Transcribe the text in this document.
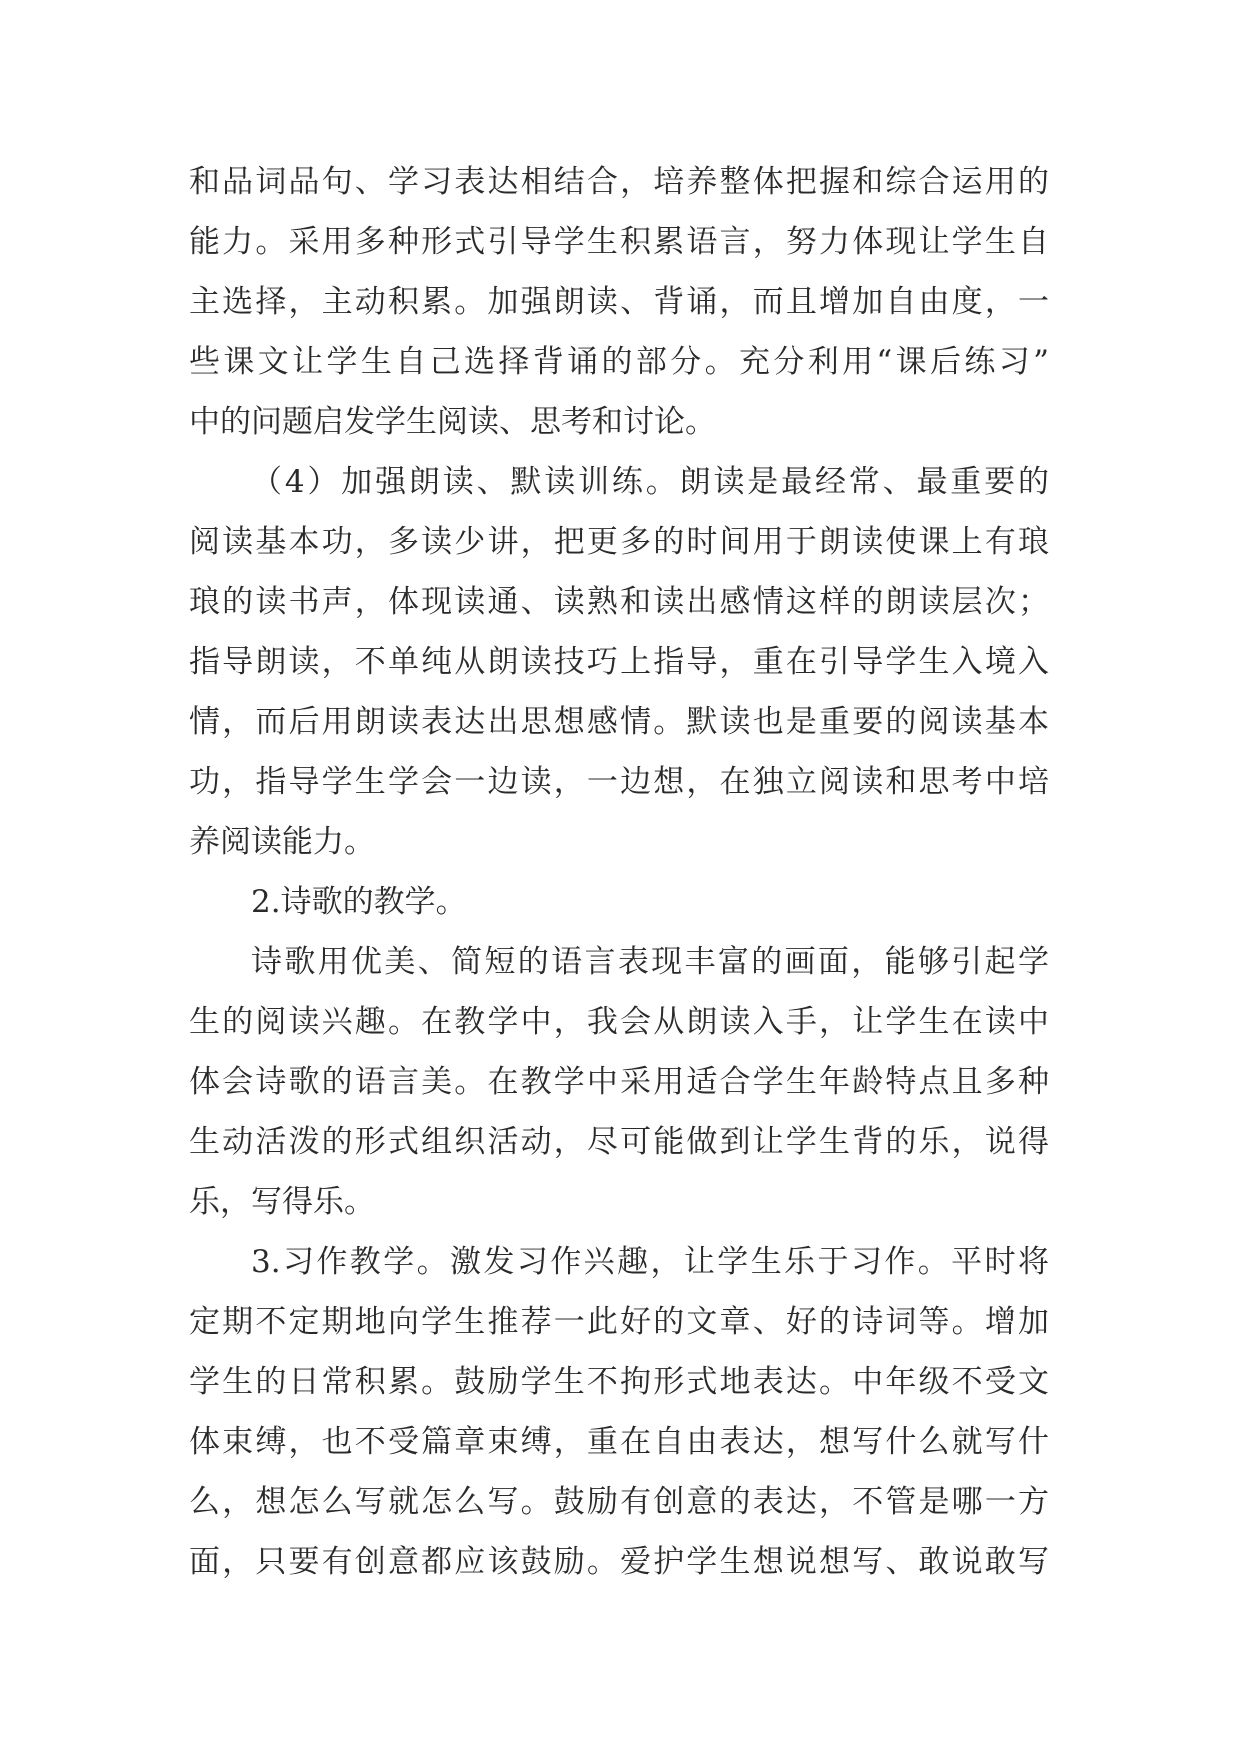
和品词品句、学习表达相结合，培养整体把握和综合运用的
能力。采用多种形式引导学生积累语言，努力体现让学生自
主选择，主动积累。加强朗读、背诵，而且增加自由度，一
些课文让学生自己选择背诵的部分。充分利用“课后练习”
中的问题启发学生阅读、思考和讨论。
（4）加强朗读、默读训练。朗读是最经常、最重要的
阅读基本功，多读少讲，把更多的时间用于朗读使课上有琅
琅的读书声，体现读通、读熟和读出感情这样的朗读层次；
指导朗读，不单纯从朗读技巧上指导，重在引导学生入境入
情，而后用朗读表达出思想感情。默读也是重要的阅读基本
功，指导学生学会一边读，一边想，在独立阅读和思考中培
养阅读能力。
2.诗歌的教学。
诗歌用优美、简短的语言表现丰富的画面，能够引起学
生的阅读兴趣。在教学中，我会从朗读入手，让学生在读中
体会诗歌的语言美。在教学中采用适合学生年龄特点且多种
生动活泼的形式组织活动，尽可能做到让学生背的乐，说得
乐，写得乐。
3.习作教学。激发习作兴趣，让学生乐于习作。平时将
定期不定期地向学生推荐一此好的文章、好的诗词等。增加
学生的日常积累。鼓励学生不拘形式地表达。中年级不受文
体束缚，也不受篇章束缚，重在自由表达，想写什么就写什
么，想怎么写就怎么写。鼓励有创意的表达，不管是哪一方
面，只要有创意都应该鼓励。爱护学生想说想写、敢说敢写
